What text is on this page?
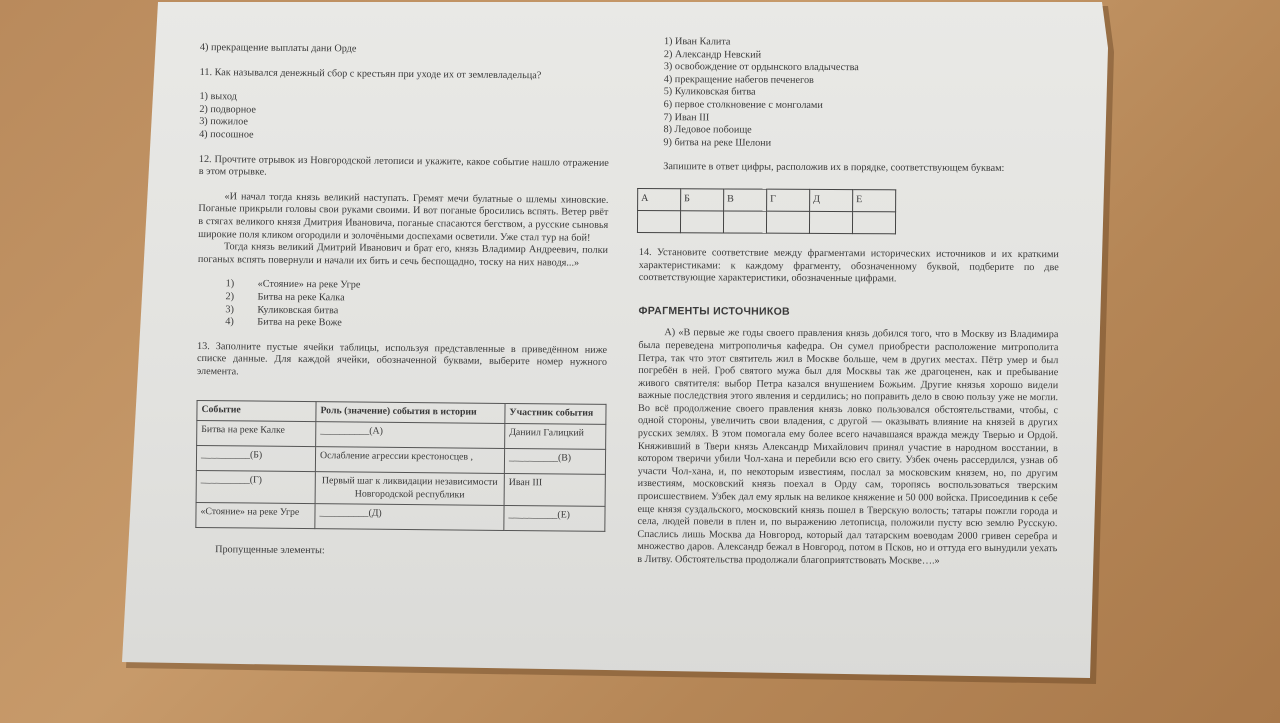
4) прекращение выплаты дани Орде

11. Как назывался денежный сбор с крестьян при уходе их от землевладельца?

1) выход
2) подворное
3) пожилое
4) посошное

12. Прочтите отрывок из Новгородской летописи и укажите, какое событие нашло отражение в этом отрывке.

«И начал тогда князь великий наступать. Гремят мечи булатные о шлемы хиновские. Поганые прикрыли головы свои руками своими. И вот поганые бросились вспять. Ветер рвёт в стягах великого князя Дмитрия Ивановича, поганые спасаются бегством, а русские сыновья широкие поля кликом огородили и золочёными доспехами осветили. Уже стал тур на бой!

Тогда князь великий Дмитрий Иванович и брат его, князь Владимир Андреевич, полки поганых вспять повернули и начали их бить и сечь беспощадно, тоску на них наводя...»

1) «Стояние» на реке Угре
2) Битва на реке Калка
3) Куликовская битва
4) Битва на реке Воже

13. Заполните пустые ячейки таблицы, используя представленные в приведённом ниже списке данные. Для каждой ячейки, обозначенной буквами, выберите номер нужного элемента.

Событие	Роль (значение) события в истории	Участник события
Битва на реке Калке	__________(А)	Даниил Галицкий
__________(Б)	Ослабление агрессии крестоносцев ,	__________(В)
__________(Г)	Первый шаг к ликвидации независимости Новгородской республики	Иван III
«Стояние» на реке Угре	__________(Д)	__________(Е)

Пропущенные элементы:

1) Иван Калита
2) Александр Невский
3) освобождение от ордынского владычества
4) прекращение набегов печенегов
5) Куликовская битва
6) первое столкновение с монголами
7) Иван III
8) Ледовое побоище
9) битва на реке Шелони

Запишите в ответ цифры, расположив их в порядке, соответствующем буквам:

А	Б	В	Г	Д	Е

14. Установите соответствие между фрагментами исторических источников и их краткими характеристиками: к каждому фрагменту, обозначенному буквой, подберите по две соответствующие характеристики, обозначенные цифрами.

ФРАГМЕНТЫ ИСТОЧНИКОВ

А) «В первые же годы своего правления князь добился того, что в Москву из Владимира была переведена митрополичья кафедра. Он сумел приобрести расположение митрополита Петра, так что этот святитель жил в Москве больше, чем в других местах. Пётр умер и был погребён в ней. Гроб святого мужа был для Москвы так же драгоценен, как и пребывание живого святителя: выбор Петра казался внушением Божьим. Другие князья хорошо видели важные последствия этого явления и сердились; но поправить дело в свою пользу уже не могли. Во всё продолжение своего правления князь ловко пользовался обстоятельствами, чтобы, с одной стороны, увеличить свои владения, с другой — оказывать влияние на князей в других русских землях. В этом помогала ему более всего начавшаяся вражда между Тверью и Ордой. Княживший в Твери князь Александр Михайлович принял участие в народном восстании, в котором тверичи убили Чол-хана и перебили всю его свиту. Узбек очень рассердился, узнав об участи Чол-хана, и, по некоторым известиям, послал за московским князем, но, по другим известиям, московский князь поехал в Орду сам, торопясь воспользоваться тверским происшествием. Узбек дал ему ярлык на великое княжение и 50 000 войска. Присоединив к себе еще князя суздальского, московский князь пошел в Тверскую волость; татары пожгли города и села, людей повели в плен и, по выражению летописца, положили пусту всю землю Русскую. Спаслись лишь Москва да Новгород, который дал татарским воеводам 2000 гривен серебра и множество даров. Александр бежал в Новгород, потом в Псков, но и оттуда его вынудили уехать в Литву. Обстоятельства продолжали благоприятствовать Москве….»
